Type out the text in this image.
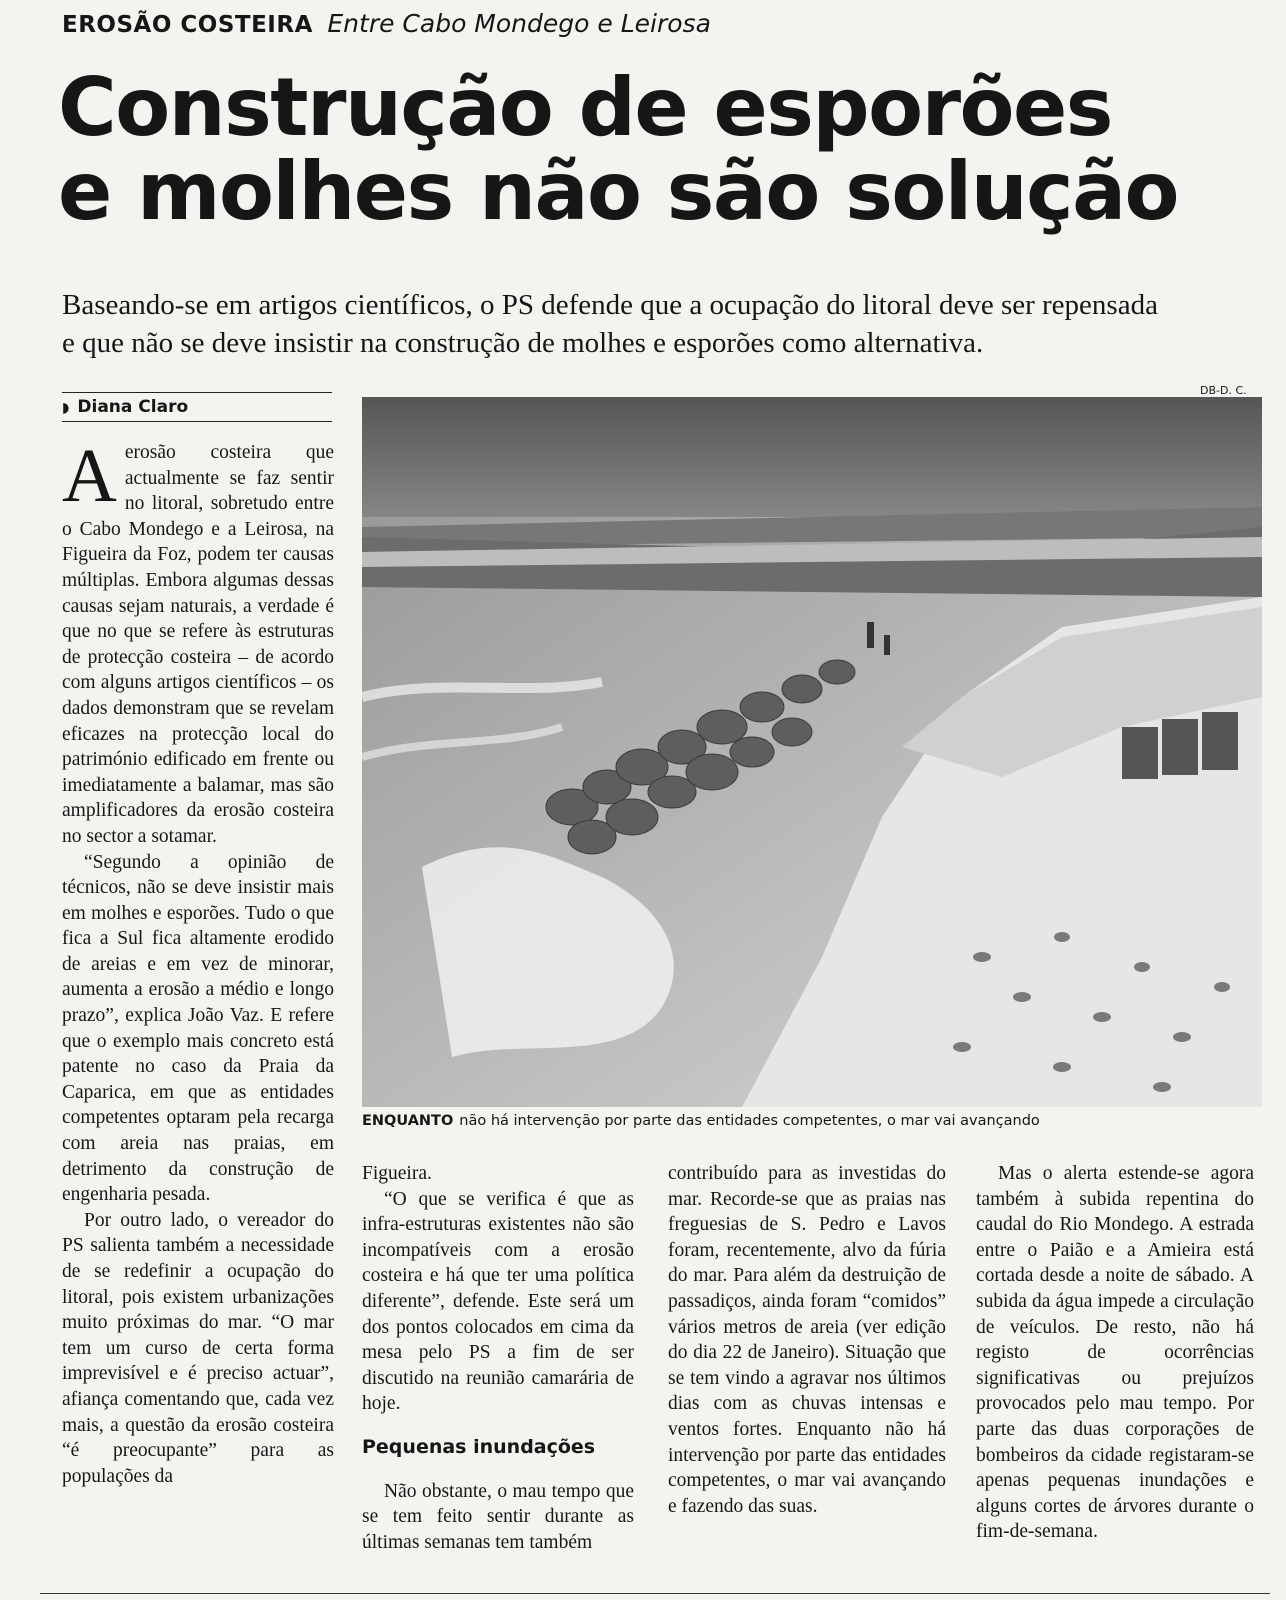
EROSÃO COSTEIRA Entre Cabo Mondego e Leirosa
Construção de esporões
e molhes não são solução
Baseando-se em artigos científicos, o PS defende que a ocupação do litoral deve ser repensada
e que não se deve insistir na construção de molhes e esporões como alternativa.
◗ Diana Claro
DB-D. C.
ENQUANTO não há intervenção por parte das entidades competentes, o mar vai avançando

Aerosão costeira que actualmente se faz sentir no litoral, sobretudo entre o Cabo Mondego e a Leirosa, na Figueira da Foz, podem ter causas múltiplas. Embora algumas dessas causas sejam naturais, a verdade é que no que se refere às estruturas de protecção costeira – de acordo com alguns artigos científicos – os dados demonstram que se revelam eficazes na protecção local do património edificado em frente ou imediatamente a balamar, mas são amplificadores da erosão costeira no sector a sotamar.

“Segundo a opinião de técnicos, não se deve insistir mais em molhes e esporões. Tudo o que fica a Sul fica altamente erodido de areias e em vez de minorar, aumenta a erosão a médio e longo prazo”, explica João Vaz. E refere que o exemplo mais concreto está patente no caso da Praia da Caparica, em que as entidades competentes optaram pela recarga com areia nas praias, em detrimento da construção de engenharia pesada.

Por outro lado, o vereador do PS salienta também a necessidade de se redefinir a ocupação do litoral, pois existem urbanizações muito próximas do mar. “O mar tem um curso de certa forma imprevisível e é preciso actuar”, afiança comentando que, cada vez mais, a questão da erosão costeira “é preocupante” para as populações da

Figueira.

“O que se verifica é que as infra-estruturas existentes não são incompatíveis com a erosão costeira e há que ter uma política diferente”, defende. Este será um dos pontos colocados em cima da mesa pelo PS a fim de ser discutido na reunião camarária de hoje.

Pequenas inundações

Não obstante, o mau tempo que se tem feito sentir durante as últimas semanas tem também

Mas o alerta estende-se agora também à subida repentina do caudal do Rio Mondego. A estrada entre o Paião e a Amieira está cortada desde a noite de sábado. A subida da água impede a circulação de veículos. De resto, não há registo de ocorrências significativas ou prejuízos provocados pelo mau tempo. Por parte das duas corporações de bombeiros da cidade registaram-se apenas pequenas inundações e alguns cortes de árvores durante o fim-de-semana.

contribuído para as investidas do mar. Recorde-se que as praias nas freguesias de S. Pedro e Lavos foram, recentemente, alvo da fúria do mar. Para além da destruição de passadiços, ainda foram “comidos” vários metros de areia (ver edição do dia 22 de Janeiro). Situação que se tem vindo a agravar nos últimos dias com as chuvas intensas e ventos fortes. Enquanto não há intervenção por parte das entidades competentes, o mar vai avançando e fazendo das suas.
